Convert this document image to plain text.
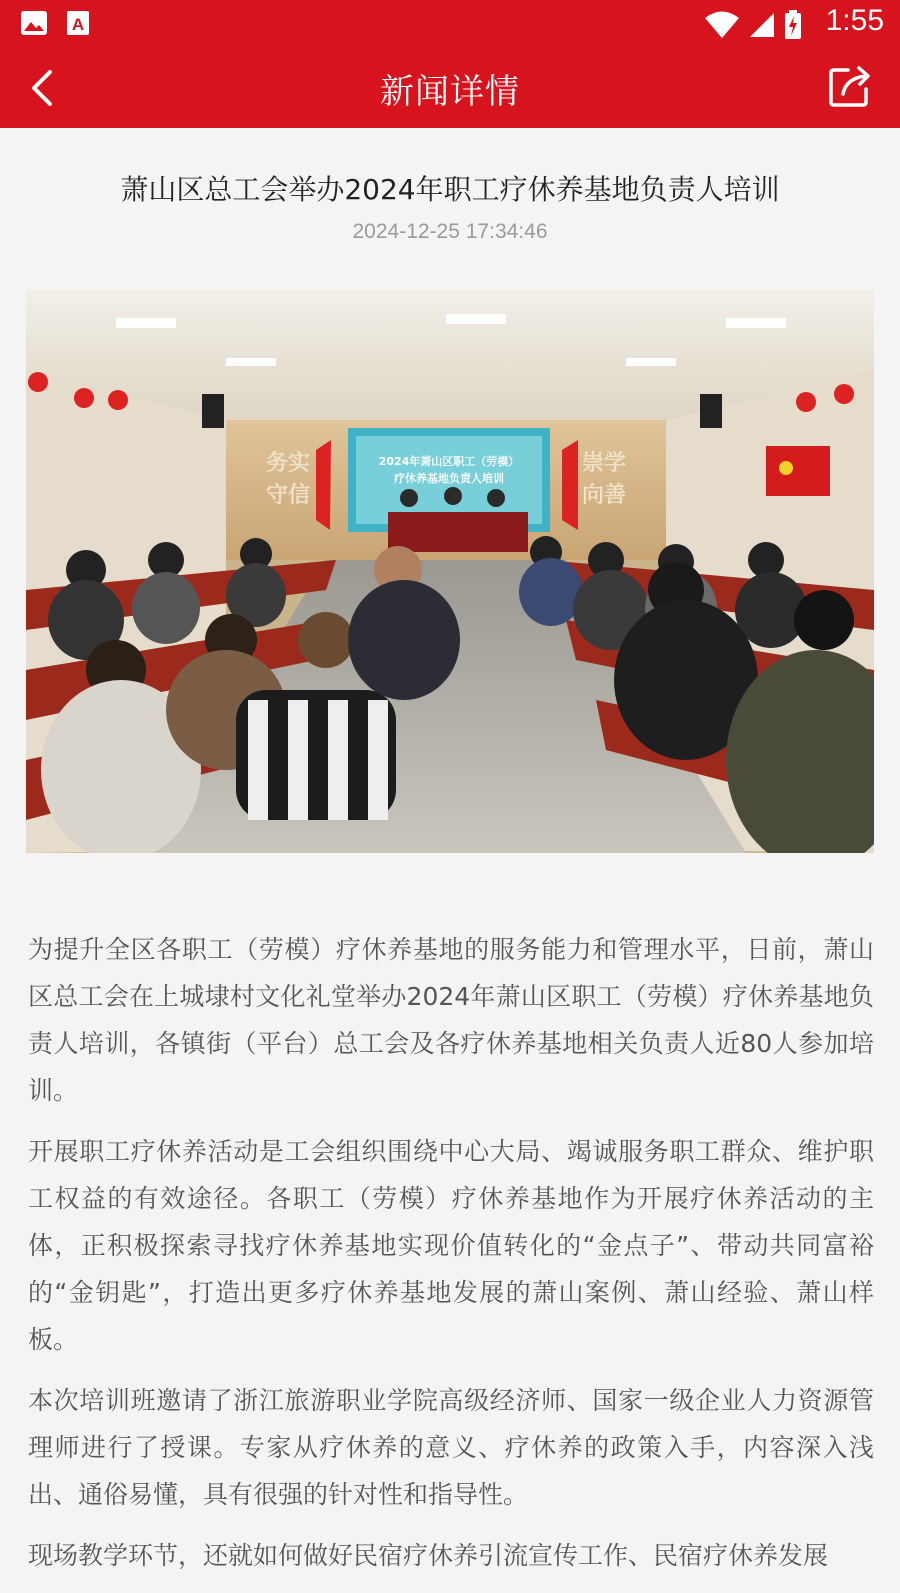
A	1:55
新闻详情
萧山区总工会举办2024年职工疗休养基地负责人培训
2024-12-25 17:34:46
2024年萧山区职工（劳模）
疗休养基地负责人培训
务实
守信
崇学
向善

为提升全区各职工（劳模）疗休养基地的服务能力和管理水平，日前，萧山区总工会在上城埭村文化礼堂举办2024年萧山区职工（劳模）疗休养基地负责人培训，各镇街（平台）总工会及各疗休养基地相关负责人近80人参加培训。

开展职工疗休养活动是工会组织围绕中心大局、竭诚服务职工群众、维护职工权益的有效途径。各职工（劳模）疗休养基地作为开展疗休养活动的主体，正积极探索寻找疗休养基地实现价值转化的“金点子”、带动共同富裕的“金钥匙”，打造出更多疗休养基地发展的萧山案例、萧山经验、萧山样板。

本次培训班邀请了浙江旅游职业学院高级经济师、国家一级企业人力资源管理师进行了授课。专家从疗休养的意义、疗休养的政策入手，内容深入浅出、通俗易懂，具有很强的针对性和指导性。

现场教学环节，还就如何做好民宿疗休养引流宣传工作、民宿疗休养发展
